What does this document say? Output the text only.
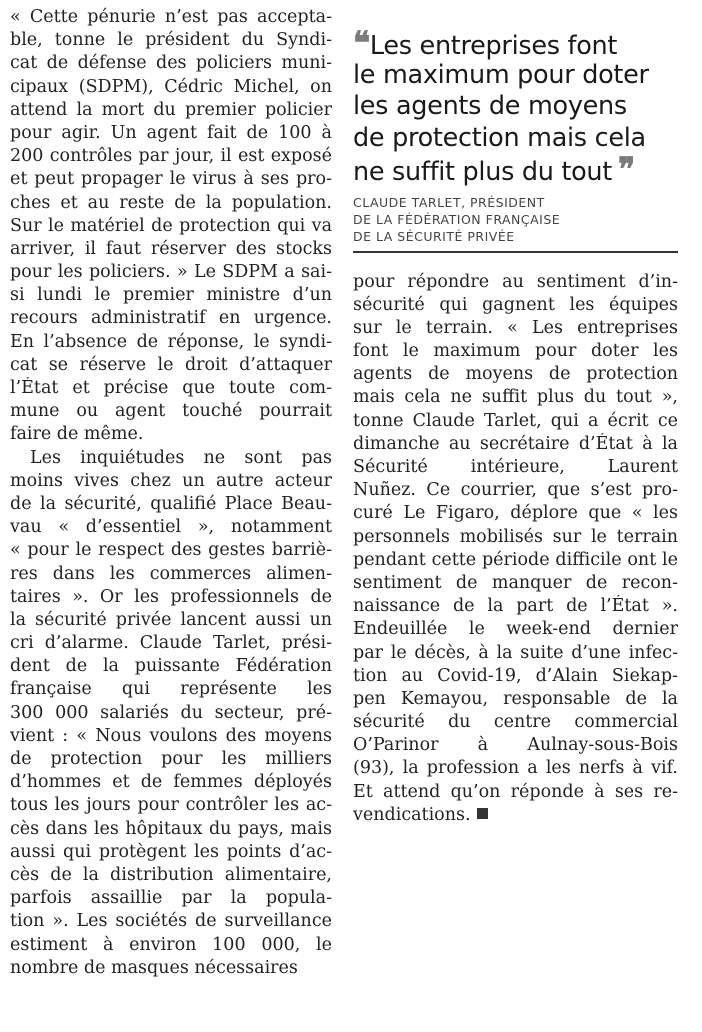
« Cette pénurie n’est pas accepta-
ble, tonne le président du Syndi-
cat de défense des policiers muni-
cipaux (SDPM), Cédric Michel, on
attend la mort du premier policier
pour agir. Un agent fait de 100 à
200 contrôles par jour, il est exposé
et peut propager le virus à ses pro-
ches et au reste de la population.
Sur le matériel de protection qui va
arriver, il faut réserver des stocks
pour les policiers. » Le SDPM a sai-
si lundi le premier ministre d’un
recours administratif en urgence.
En l’absence de réponse, le syndi-
cat se réserve le droit d’attaquer
l’État et précise que toute com-
mune ou agent touché pourrait
faire de même.
Les inquiétudes ne sont pas
moins vives chez un autre acteur
de la sécurité, qualifié Place Beau-
vau « d’essentiel », notamment
« pour le respect des gestes barriè-
res dans les commerces alimen-
taires ». Or les professionnels de
la sécurité privée lancent aussi un
cri d’alarme. Claude Tarlet, prési-
dent de la puissante Fédération
française qui représente les
300 000 salariés du secteur, pré-
vient : « Nous voulons des moyens
de protection pour les milliers
d’hommes et de femmes déployés
tous les jours pour contrôler les ac-
cès dans les hôpitaux du pays, mais
aussi qui protègent les points d’ac-
cès de la distribution alimentaire,
parfois assaillie par la popula-
tion ». Les sociétés de surveillance
estiment à environ 100 000, le
nombre de masques nécessaires
❝Les entreprises font
le maximum pour doter
les agents de moyens
de protection mais cela
ne suffit plus du tout ❞
CLAUDE TARLET, PRÉSIDENT
DE LA FÉDÉRATION FRANÇAISE
DE LA SÉCURITÉ PRIVÉE
pour répondre au sentiment d’in-
sécurité qui gagnent les équipes
sur le terrain. « Les entreprises
font le maximum pour doter les
agents de moyens de protection
mais cela ne suffit plus du tout »,
tonne Claude Tarlet, qui a écrit ce
dimanche au secrétaire d’État à la
Sécurité intérieure, Laurent
Nuñez. Ce courrier, que s’est pro-
curé Le Figaro, déplore que « les
personnels mobilisés sur le terrain
pendant cette période difficile ont le
sentiment de manquer de recon-
naissance de la part de l’État ».
Endeuillée le week-end dernier
par le décès, à la suite d’une infec-
tion au Covid-19, d’Alain Siekap-
pen Kemayou, responsable de la
sécurité du centre commercial
O’Parinor à Aulnay-sous-Bois
(93), la profession a les nerfs à vif.
Et attend qu’on réponde à ses re-
vendications.
